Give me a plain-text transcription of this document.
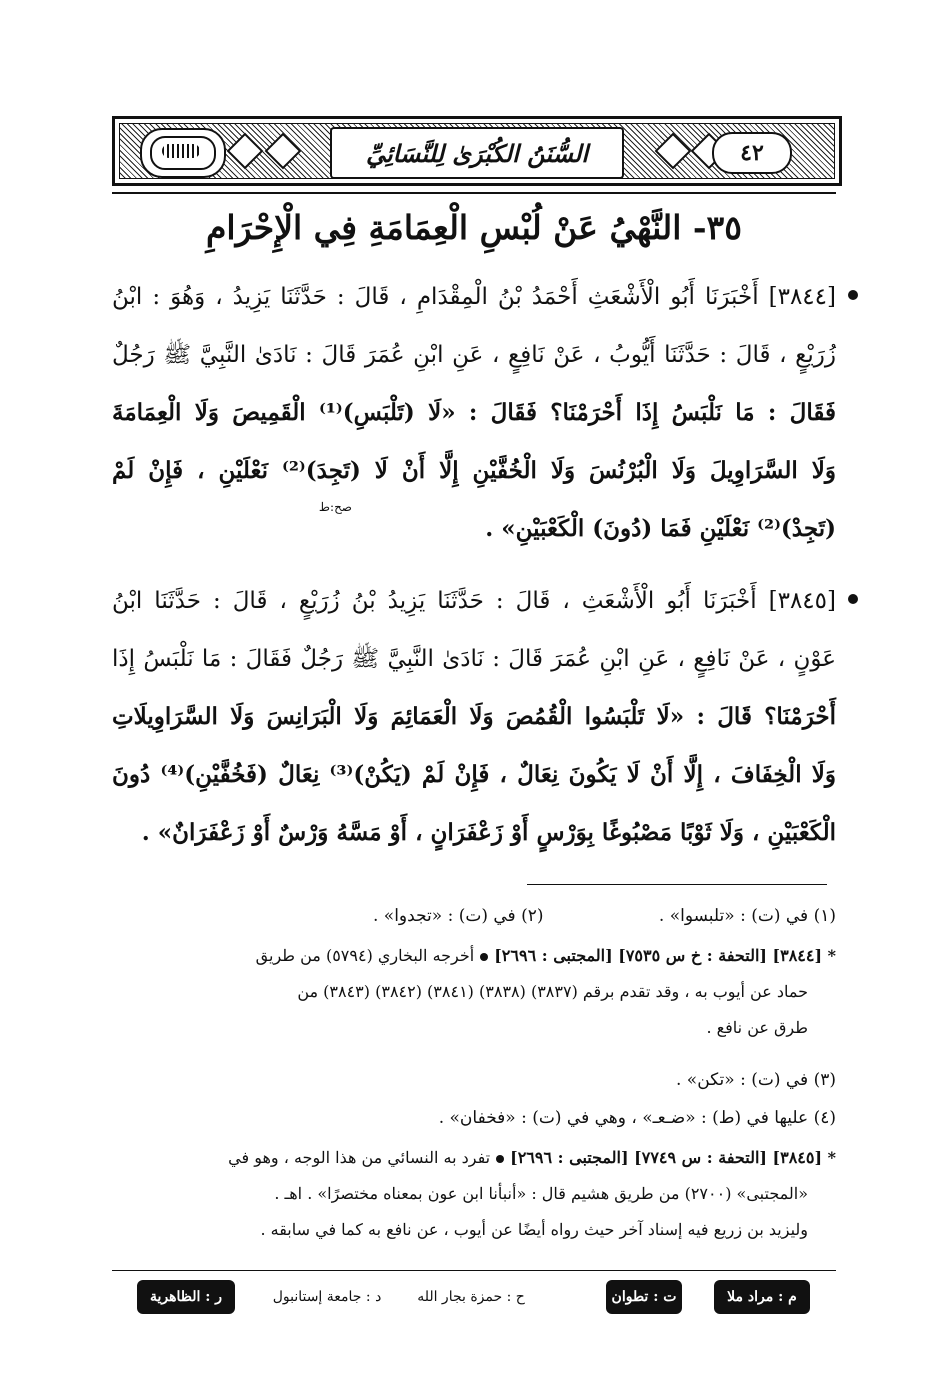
السُّنَنُ الكُبْرَىٰ لِلنَّسَائِيِّ	٤٢
٣٥- النَّهْيُ عَنْ لُبْسِ الْعِمَامَةِ فِي الْإِحْرَامِ
[٣٨٤٤] أَخْبَرَنَا أَبُو الْأَشْعَثِ أَحْمَدُ بْنُ الْمِقْدَامِ ، قَالَ : حَدَّثَنَا يَزِيدُ ، وَهُوَ : ابْنُ
زُرَيْعٍ ، قَالَ : حَدَّثَنَا أَيُّوبُ ، عَنْ نَافِعٍ ، عَنِ ابْنِ عُمَرَ قَالَ : نَادَىٰ النَّبِيَّ ﷺ رَجُلٌ
فَقَالَ : مَا نَلْبَسُ إِذَا أَحْرَمْنَا؟ فَقَالَ : «لَا (تَلْبَسِ)⁽¹⁾ الْقَمِيصَ وَلَا الْعِمَامَةَ
وَلَا السَّرَاوِيلَ وَلَا الْبُرْنُسَ وَلَا الْخُفَّيْنِ إِلَّا أَنْ لَا (تَجِدَ)⁽²⁾ نَعْلَيْنِ ، فَإِنْ لَمْ
(تَجِدْ)⁽²⁾ نَعْلَيْنِ فَمَا (دُونَ) الْكَعْبَيْنِ» .
صح:ط
[٣٨٤٥] أَخْبَرَنَا أَبُو الْأَشْعَثِ ، قَالَ : حَدَّثَنَا يَزِيدُ بْنُ زُرَيْعٍ ، قَالَ : حَدَّثَنَا ابْنُ
عَوْنٍ ، عَنْ نَافِعٍ ، عَنِ ابْنِ عُمَرَ قَالَ : نَادَىٰ النَّبِيَّ ﷺ رَجُلٌ فَقَالَ : مَا نَلْبَسُ إِذَا
أَحْرَمْنَا؟ قَالَ : «لَا تَلْبَسُوا الْقُمُصَ وَلَا الْعَمَائِمَ وَلَا الْبَرَانِسَ وَلَا السَّرَاوِيلَاتِ
وَلَا الْخِفَافَ ، إِلَّا أَنْ لَا يَكُونَ نِعَالٌ ، فَإِنْ لَمْ (يَكُنْ)⁽³⁾ نِعَالٌ (فَخُفَّيْنِ)⁽⁴⁾ دُونَ
الْكَعْبَيْنِ ، وَلَا ثَوْبًا مَصْبُوغًا بِوَرْسٍ أَوْ زَعْفَرَانٍ ، أَوْ مَسَّهُ وَرْسٌ أَوْ زَعْفَرَانٌ» .
(١) في (ت) : «تلبسوا» . (٢) في (ت) : «تجدوا» .
* [٣٨٤٤] [التحفة : خ س ٧٥٣٥] [المجتبى : ٢٦٩٦]أخرجه البخاري (٥٧٩٤) من طريق
حماد عن أيوب به ، وقد تقدم برقم (٣٨٣٧) (٣٨٣٨) (٣٨٤١) (٣٨٤٢) (٣٨٤٣) من
طرق عن نافع .
(٣) في (ت) : «تكن» .
(٤) عليها في (ط) : «ضـعـ» ، وهي في (ت) : «فخفان» .
* [٣٨٤٥] [التحفة : س ٧٧٤٩] [المجتبى : ٢٦٩٦]تفرد به النسائي من هذا الوجه ، وهو في
«المجتبى» (٢٧٠٠) من طريق هشيم قال : «أنبأنا ابن عون بمعناه مختصرًا» . اهـ .
وليزيد بن زريع فيه إسناد آخر حيث رواه أيضًا عن أيوب ، عن نافع به كما في سابقه .
م : مراد ملا
ت : تطوان
ح : حمزة بجار الله
د : جامعة إستانبول
ر : الظاهرية
